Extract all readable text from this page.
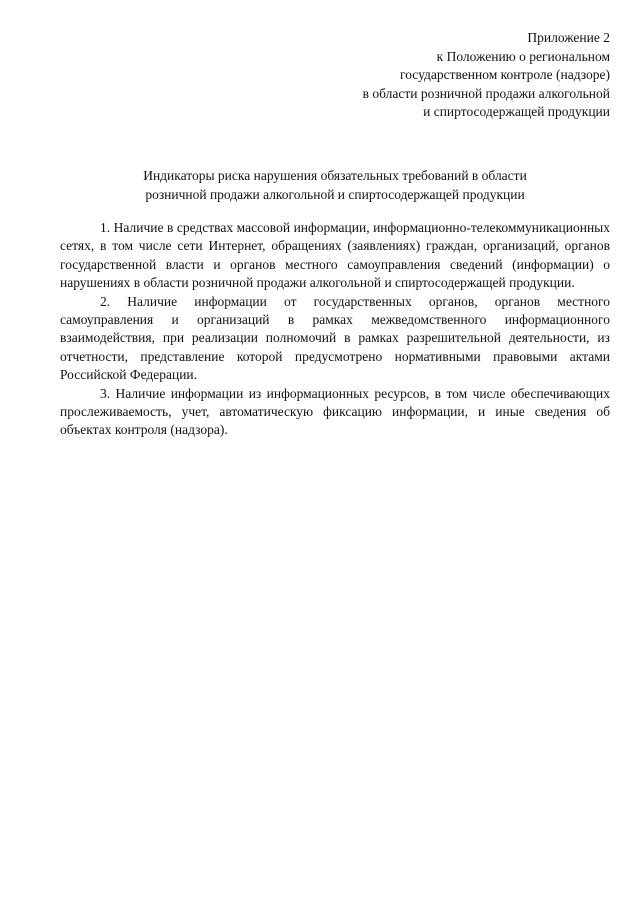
Приложение 2
к Положению о региональном
государственном контроле (надзоре)
в области розничной продажи алкогольной
и спиртосодержащей продукции
Индикаторы риска нарушения обязательных требований в области
розничной продажи алкогольной и спиртосодержащей продукции

1. Наличие в средствах массовой информации, информационно-телекоммуникационных сетях, в том числе сети Интернет, обращениях (заявлениях) граждан, организаций, органов государственной власти и органов местного самоуправления сведений (информации) о нарушениях в области розничной продажи алкогольной и спиртосодержащей продукции.

2. Наличие информации от государственных органов, органов местного самоуправления и организаций в рамках межведомственного информационного взаимодействия, при реализации полномочий в рамках разрешительной деятельности, из отчетности, представление которой предусмотрено нормативными правовыми актами Российской Федерации.

3. Наличие информации из информационных ресурсов, в том числе обеспечивающих прослеживаемость, учет, автоматическую фиксацию информации, и иные сведения об объектах контроля (надзора).
